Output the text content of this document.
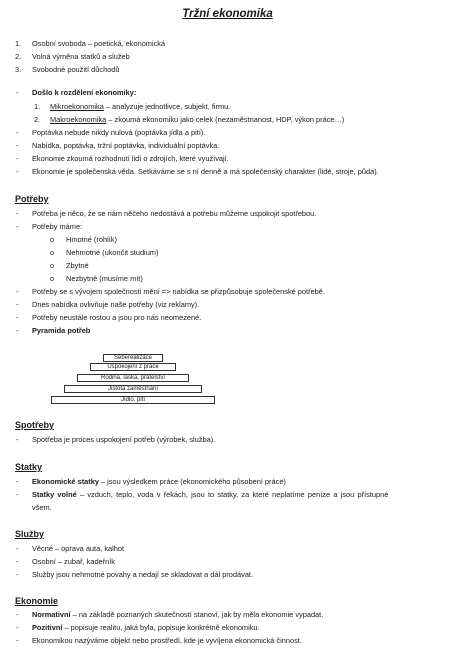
Tržní ekonomika
1. Osobní svoboda – poetická, ekonomická
2. Volná výměna statků a služeb
3. Svobodné použití důchodů
- Došlo k rozdělení ekonomiky:
1. Mikroekonomika – analyzuje jednotlivce, subjekt, firmu.
2. Makroekonomika – zkoumá ekonomiku jako celek (nezaměstnanost, HDP, výkon práce…)
- Poptávka nebude nikdy nulová (poptávka jídla a pití).
- Nabídka, poptávka, tržní poptávka, individuální poptávka.
- Ekonomie zkoumá rozhodnutí lidí o zdrojích, které využívají.
- Ekonomie je společenská věda. Setkáváme se s ní denně a má společenský charakter (lidé, stroje, půda).
Potřeby
- Potřeba je něco, že se nám něčeho nedostává a potřebu můžeme uspokojit spotřebou.
- Potřeby máme:
o Hmotné (rohlík)
o Nehmotné (ukončit studium)
o Zbytné
o Nezbytné (musíme mít)
- Potřeby se s vývojem společnosti mění => nabídka se přizpůsobuje společenské potřebě.
- Dnes nabídka ovlivňuje naše potřeby (viz reklamy).
- Potřeby neustále rostou a jsou pro nás neomezené.
- Pyramida potřeb
Seberealizace
Uspokojení z práce
Rodina, láska, přátelství
Jistota zaměstnání
Jídlo, pití
Spotřeby
- Spotřeba je proces uspokojení potřeb (výrobek, služba).
Statky
- Ekonomické statky – jsou výsledkem práce (ekonomického působení práce)
- Statky volné – vzduch, teplo, voda v řekách, jsou to statky, za které neplatíme peníze a jsou přístupné
všem.
Služby
- Věcné – oprava auta, kalhot
- Osobní – zubař, kadeřník
- Služby jsou nehmotné povahy a nedají se skladovat a dál prodávat.
Ekonomie
- Normativní – na základě poznaných skutečností stanoví, jak by měla ekonomie vypadat.
- Pozitivní – popisuje realitu, jaká byla, popisuje konkrétně ekonomiku.
- Ekonomikou nazýváme objekt nebo prostředí, kde je vyvíjena ekonomická činnost.
